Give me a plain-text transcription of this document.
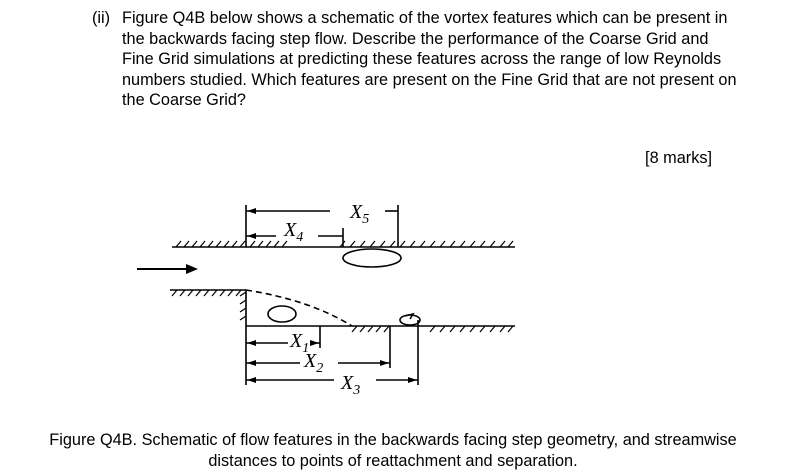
(ii) Figure Q4B below shows a schematic of the vortex features which can be present in the backwards facing step flow. Describe the performance of the Coarse Grid and Fine Grid simulations at predicting these features across the range of low Reynolds numbers studied. Which features are present on the Fine Grid that are not present on the Coarse Grid?
[8 marks]
$X_5$
$X_4$
$X_1$
$X_2$
$X_3$
Figure Q4B. Schematic of flow features in the backwards facing step geometry, and streamwise distances to points of reattachment and separation.
